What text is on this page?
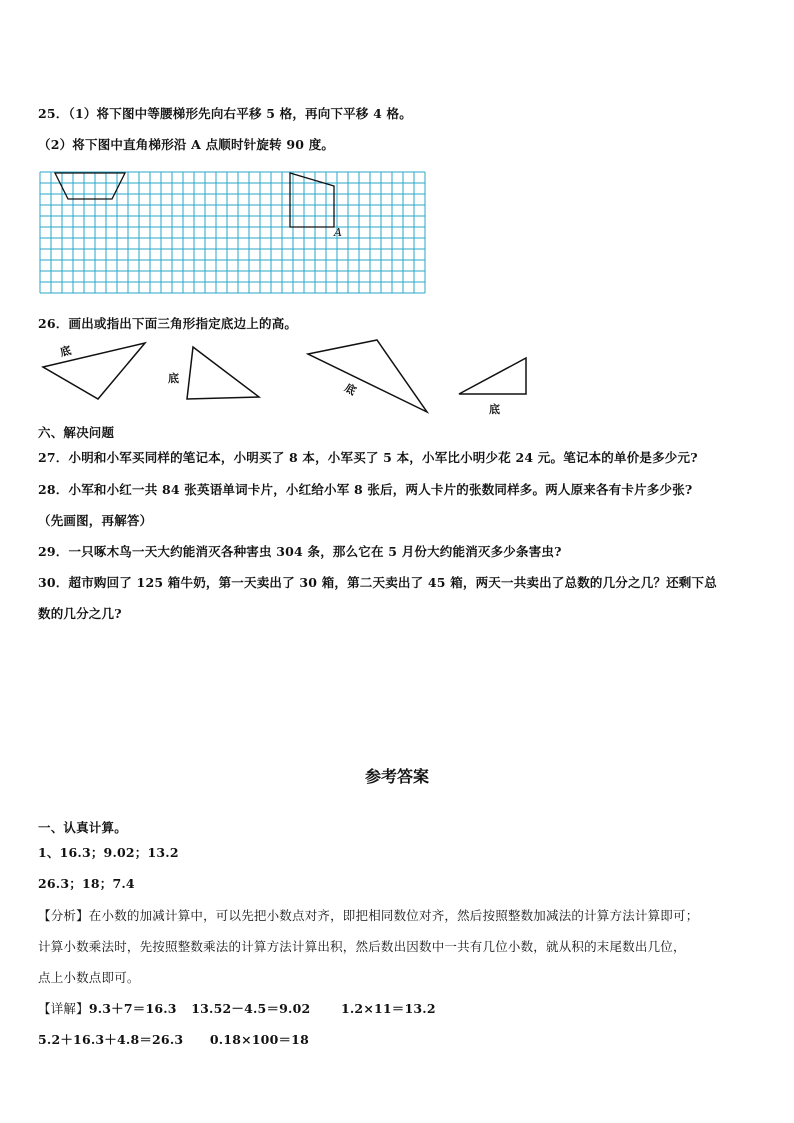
25．（1）将下图中等腰梯形先向右平移 5 格，再向下平移 4 格。
（2）将下图中直角梯形沿 A 点顺时针旋转 90 度。
A
26．画出或指出下面三角形指定底边上的高。
底
底
底
底
六、解决问题
27．小明和小军买同样的笔记本，小明买了 8 本，小军买了 5 本，小军比小明少花 24 元。笔记本的单价是多少元?
28．小军和小红一共 84 张英语单词卡片，小红给小军 8 张后，两人卡片的张数同样多。两人原来各有卡片多少张?
（先画图，再解答）
29．一只啄木鸟一天大约能消灭各种害虫 304 条，那么它在 5 月份大约能消灭多少条害虫?
30．超市购回了 125 箱牛奶，第一天卖出了 30 箱，第二天卖出了 45 箱，两天一共卖出了总数的几分之几？还剩下总
数的几分之几?
参考答案
一、认真计算。
1、16.3；9.02；13.2
26.3；18；7.4
【分析】在小数的加减计算中，可以先把小数点对齐，即把相同数位对齐，然后按照整数加减法的计算方法计算即可；
计算小数乘法时，先按照整数乘法的计算方法计算出积，然后数出因数中一共有几位小数，就从积的末尾数出几位，
点上小数点即可。
【详解】9.3＋7＝16.3 13.52－4.5＝9.02 1.2×11＝13.2
5.2＋16.3＋4.8＝26.3 0.18×100＝18
